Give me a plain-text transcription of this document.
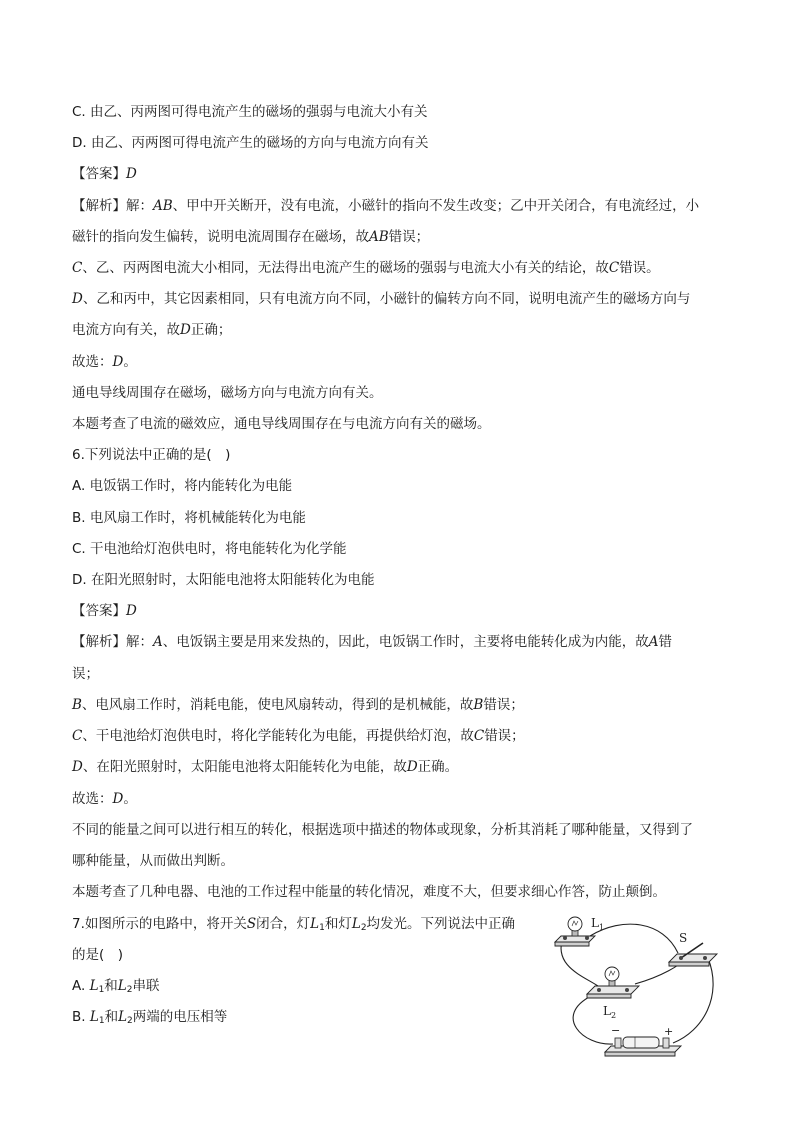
C. 由乙、丙两图可得电流产生的磁场的强弱与电流大小有关
D. 由乙、丙两图可得电流产生的磁场的方向与电流方向有关
【答案】D
【解析】解：AB、甲中开关断开，没有电流，小磁针的指向不发生改变；乙中开关闭合，有电流经过，小
磁针的指向发生偏转，说明电流周围存在磁场，故AB错误；
C、乙、丙两图电流大小相同，无法得出电流产生的磁场的强弱与电流大小有关的结论，故C错误。
D、乙和丙中，其它因素相同，只有电流方向不同，小磁针的偏转方向不同，说明电流产生的磁场方向与
电流方向有关，故D正确；
故选：D。
通电导线周围存在磁场，磁场方向与电流方向有关。
本题考查了电流的磁效应，通电导线周围存在与电流方向有关的磁场。
6.下列说法中正确的是(　)
A. 电饭锅工作时，将内能转化为电能
B. 电风扇工作时，将机械能转化为电能
C. 干电池给灯泡供电时，将电能转化为化学能
D. 在阳光照射时，太阳能电池将太阳能转化为电能
【答案】D
【解析】解：A、电饭锅主要是用来发热的，因此，电饭锅工作时，主要将电能转化成为内能，故A错
误；
B、电风扇工作时，消耗电能，使电风扇转动，得到的是机械能，故B错误；
C、干电池给灯泡供电时，将化学能转化为电能，再提供给灯泡，故C错误；
D、在阳光照射时，太阳能电池将太阳能转化为电能，故D正确。
故选：D。
不同的能量之间可以进行相互的转化，根据选项中描述的物体或现象，分析其消耗了哪种能量，又得到了
哪种能量，从而做出判断。
本题考查了几种电器、电池的工作过程中能量的转化情况，难度不大，但要求细心作答，防止颠倒。
7.如图所示的电路中，将开关S闭合，灯$L_1$和灯$L_2$均发光。下列说法中正确
的是(　)
A. $L_1$和$L_2$串联
B. $L_1$和$L_2$两端的电压相等
$L_1$
S
$L_2$
−	+
